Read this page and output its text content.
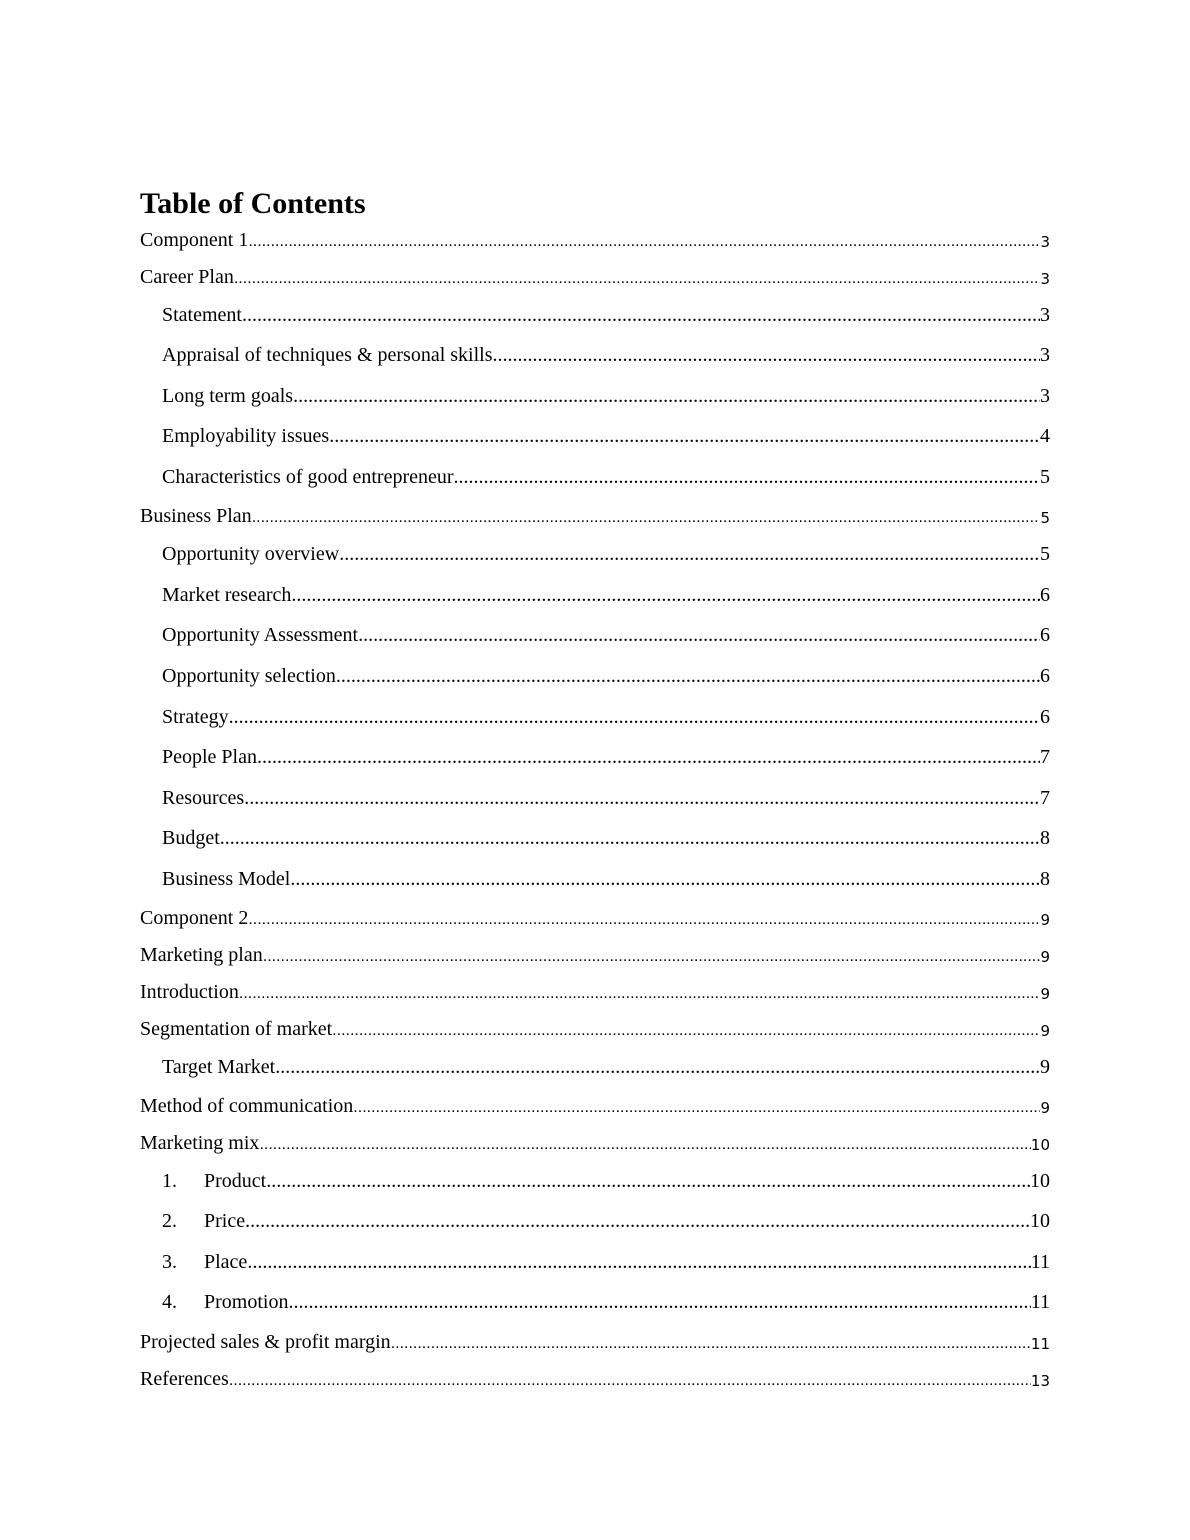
Table of Contents
Component 1 .....	3
Career Plan .....	3
Statement .....	3
Appraisal of techniques & personal skills .....	3
Long term goals .....	3
Employability issues .....	4
Characteristics of good entrepreneur .....	5
Business Plan .....	5
Opportunity overview .....	5
Market research .....	6
Opportunity Assessment .....	6
Opportunity selection .....	6
Strategy .....	6
People Plan .....	7
Resources .....	7
Budget .....	8
Business Model .....	8
Component 2 .....	9
Marketing plan .....	9
Introduction .....	9
Segmentation of market .....	9
Target Market .....	9
Method of communication .....	9
Marketing mix .....	10
1.	Product .....	10
2.	Price .....	10
3.	Place .....	11
4.	Promotion .....	11
Projected sales & profit margin .....	11
References .....	13
